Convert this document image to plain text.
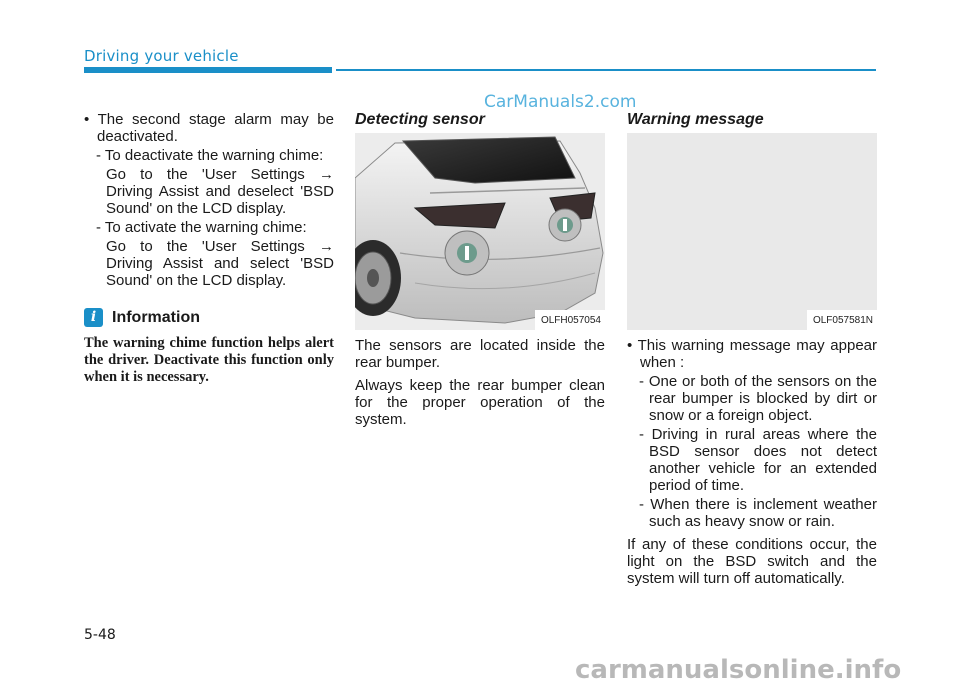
Driving your vehicle
CarManuals2.com

• The second stage alarm may be deactivated.

- To deactivate the warning chime:

Go to the 'User Settings → Driving Assist and deselect 'BSD Sound' on the LCD display.

- To activate the warning chime:

Go to the 'User Settings → Driving Assist and select 'BSD Sound' on the LCD display.

i Information

The warning chime function helps alert the driver. Deactivate this function only when it is necessary.

Detecting sensor
OLFH057054

The sensors are located inside the rear bumper.

Always keep the rear bumper clean for the proper operation of the system.

Warning message
OLF057581N

• This warning message may appear when :

- One or both of the sensors on the rear bumper is blocked by dirt or snow or a foreign object.

- Driving in rural areas where the BSD sensor does not detect another vehicle for an extended period of time.

- When there is inclement weather such as heavy snow or rain.

If any of these conditions occur, the light on the BSD switch and the system will turn off automatically.

5-48
carmanualsonline.info
